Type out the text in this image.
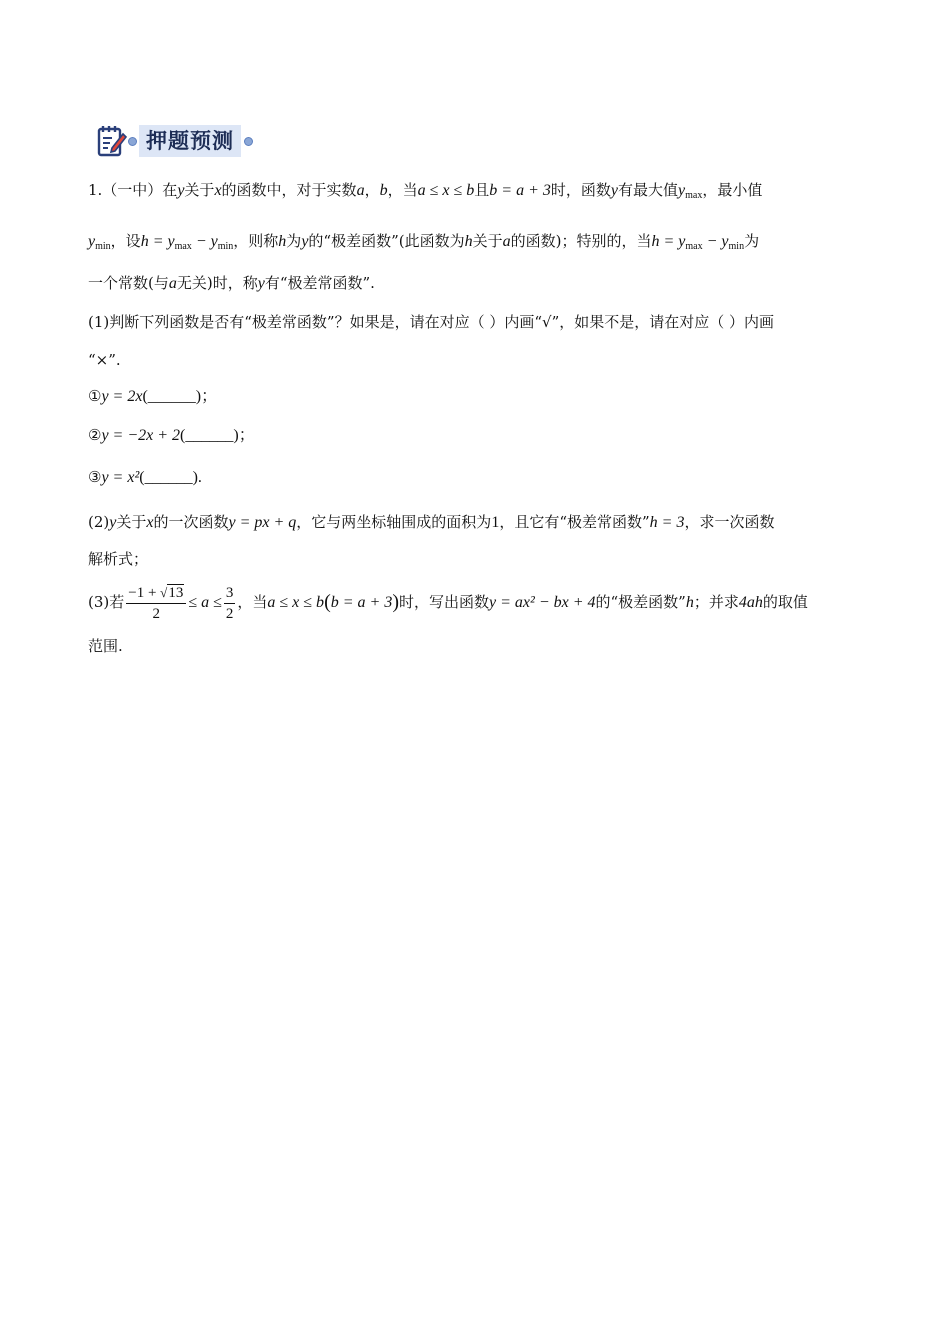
押题预测
1.（一中）在y关于x的函数中，对于实数a，b，当a ≤ x ≤ b且b = a + 3时，函数y有最大值$y_{max}$，最小值
$y_{min}$，设$h = y_{max} - y_{min}$，则称h为y的“极差函数”(此函数为h关于a的函数)；特别的，当$h = y_{max} - y_{min}$为
一个常数(与a无关)时，称y有“极差常函数”.
(1)判断下列函数是否有“极差常函数”？如果是，请在对应（ ）内画“√”，如果不是，请在对应（ ）内画
“×”.
①y = 2x(______)；
②y = −2x + 2(______)；
③y = x²(______).
(2)y关于x的一次函数y = px + q，它与两坐标轴围成的面积为1，且它有“极差常函数”h = 3，求一次函数
解析式；
(3)若 $\frac{-1 + √13}{2} \le a \le \frac{3}{2}$ ，当a ≤ x ≤ b(b = a + 3)时，写出函数y = ax² − bx + 4的“极差函数”h；并求4ah的取值
范围.
